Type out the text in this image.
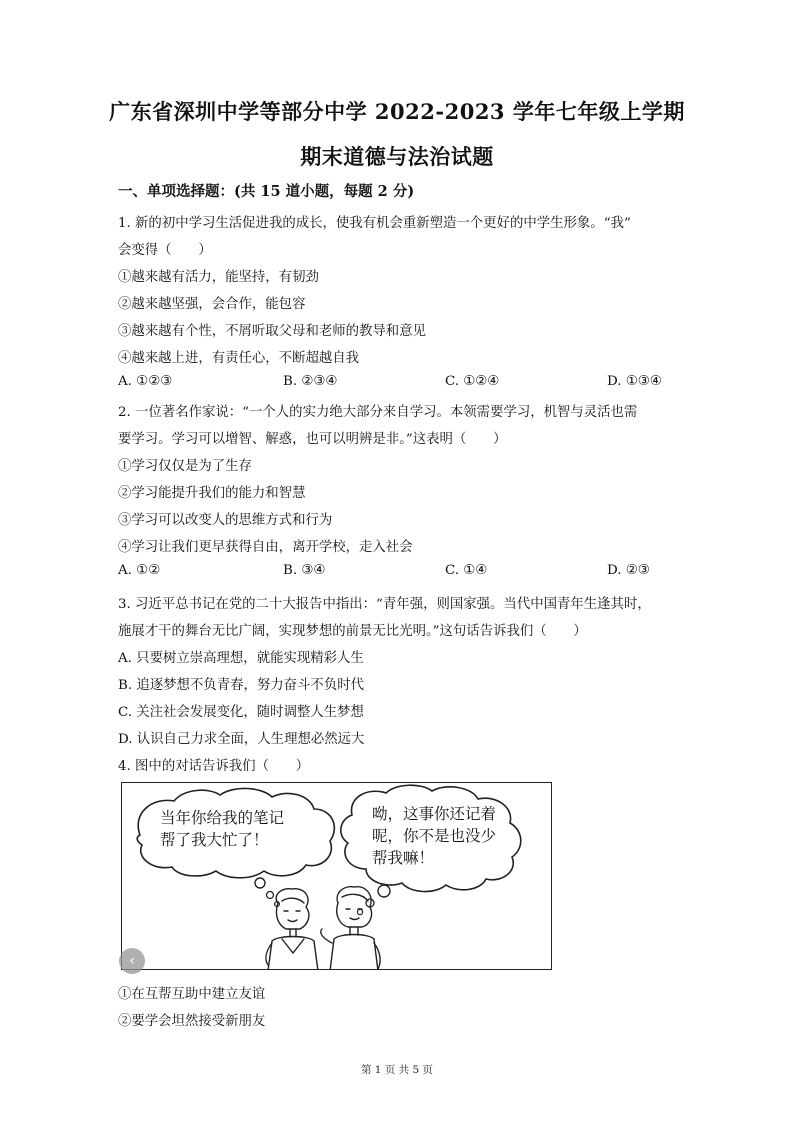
广东省深圳中学等部分中学 2022-2023 学年七年级上学期
期末道德与法治试题
一、单项选择题：(共 15 道小题，每题 2 分)
1. 新的初中学习生活促进我的成长，使我有机会重新塑造一个更好的中学生形象。“我”
会变得（　　）
①越来越有活力，能坚持，有韧劲
②越来越坚强，会合作，能包容
③越来越有个性，不屑听取父母和老师的教导和意见
④越来越上进，有责任心，不断超越自我
A. ①②③	B. ②③④	C. ①②④	D. ①③④
2. 一位著名作家说：“一个人的实力绝大部分来自学习。本领需要学习，机智与灵活也需
要学习。学习可以增智、解惑，也可以明辨是非。”这表明（　　）
①学习仅仅是为了生存
②学习能提升我们的能力和智慧
③学习可以改变人的思维方式和行为
④学习让我们更早获得自由，离开学校，走入社会
A. ①②	B. ③④	C. ①④	D. ②③
3. 习近平总书记在党的二十大报告中指出：“青年强，则国家强。当代中国青年生逢其时，
施展才干的舞台无比广阔，实现梦想的前景无比光明。”这句话告诉我们（　　）
A. 只要树立崇高理想，就能实现精彩人生
B. 追逐梦想不负青春，努力奋斗不负时代
C. 关注社会发展变化，随时调整人生梦想
D. 认识自己力求全面，人生理想必然远大
4. 图中的对话告诉我们（　　）
当年你给我的笔记
帮了我大忙了！
呦，这事你还记着
呢，你不是也没少
帮我嘛！
‹
①在互帮互助中建立友谊
②要学会坦然接受新朋友
第 1 页 共 5 页
